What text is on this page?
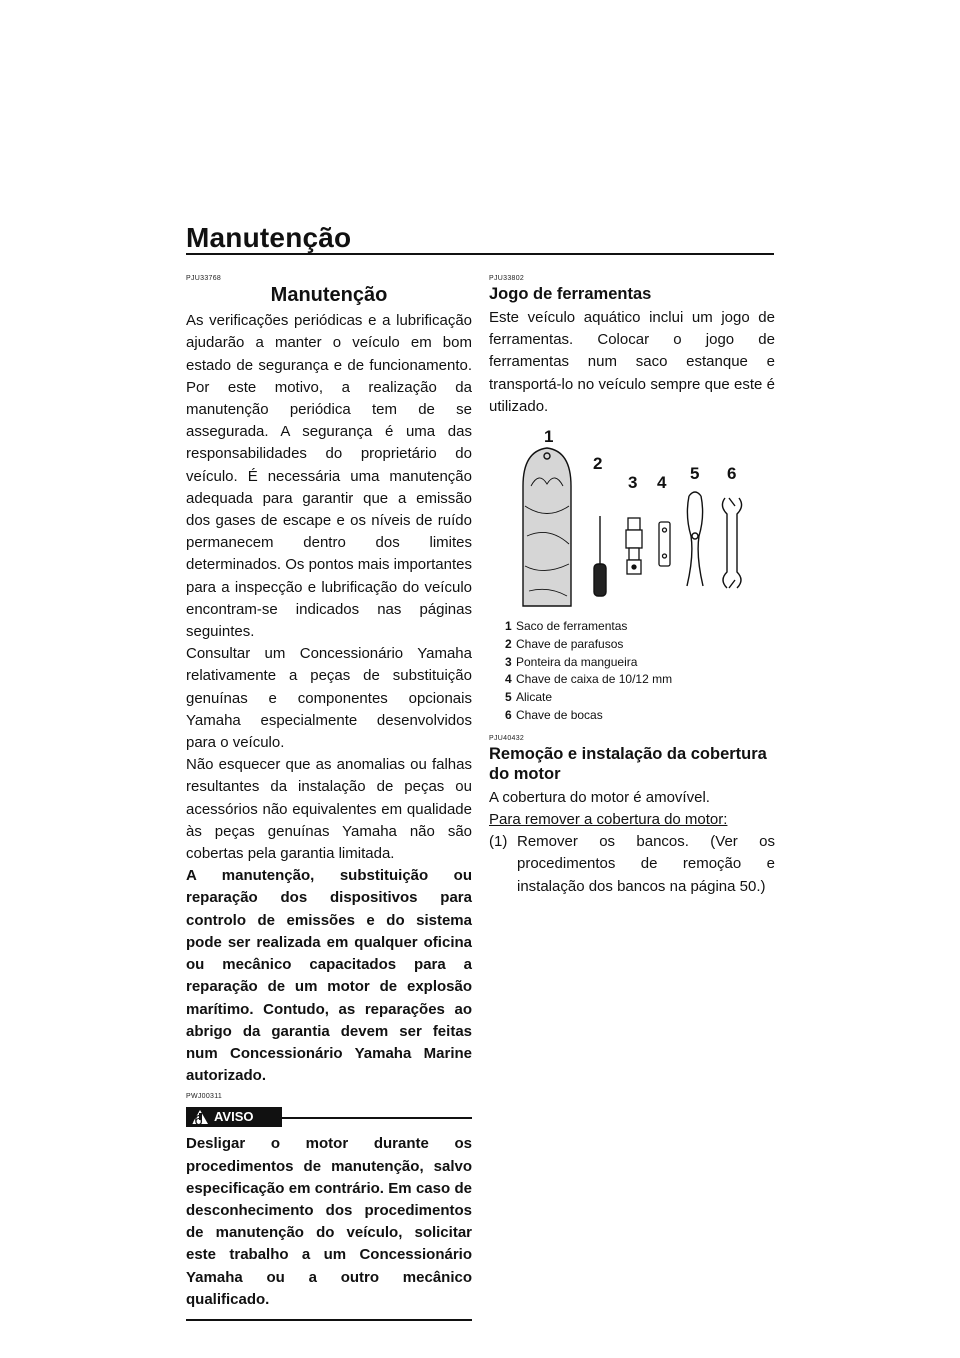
Manutenção
PJU33768
Manutenção

As verificações periódicas e a lubrificação ajudarão a manter o veículo em bom estado de segurança e de funcionamento. Por este motivo, a realização da manutenção periódica tem de se assegurada. A segurança é uma das responsabilidades do proprietário do veículo. É necessária uma manutenção adequada para garantir que a emissão dos gases de escape e os níveis de ruído permanecem dentro dos limites determinados. Os pontos mais importantes para a inspecção e lubrificação do veículo encontram-se indicados nas páginas seguintes.

Consultar um Concessionário Yamaha relativamente a peças de substituição genuínas e componentes opcionais Yamaha especialmente desenvolvidos para o veículo.

Não esquecer que as anomalias ou falhas resultantes da instalação de peças ou acessórios não equivalentes em qualidade às peças genuínas Yamaha não são cobertas pela garantia limitada.

A manutenção, substituição ou reparação dos dispositivos para controlo de emissões e do sistema pode ser realizada em qualquer oficina ou mecânico capacitados para a reparação de um motor de explosão marítimo. Contudo, as reparações ao abrigo da garantia devem ser feitas num Concessionário Yamaha Marine autorizado.

PWJ00311
AVISO

Desligar o motor durante os procedimentos de manutenção, salvo especificação em contrário. Em caso de desconhecimento dos procedimentos de manutenção do veículo, solicitar este trabalho a um Concessionário Yamaha ou a outro mecânico qualificado.

PJU33802
Jogo de ferramentas

Este veículo aquático inclui um jogo de ferramentas. Colocar o jogo de ferramentas num saco estanque e transportá-lo no veículo sempre que este é utilizado.

1
2
3 4 5 6
1 Saco de ferramentas
2 Chave de parafusos
3 Ponteira da mangueira
4 Chave de caixa de 10/12 mm
5 Alicate
6 Chave de bocas
PJU40432
Remoção e instalação da cobertura do motor

A cobertura do motor é amovível.

Para remover a cobertura do motor:

(1) Remover os bancos. (Ver os procedimentos de remoção e instalação dos bancos na página 50.)
96
